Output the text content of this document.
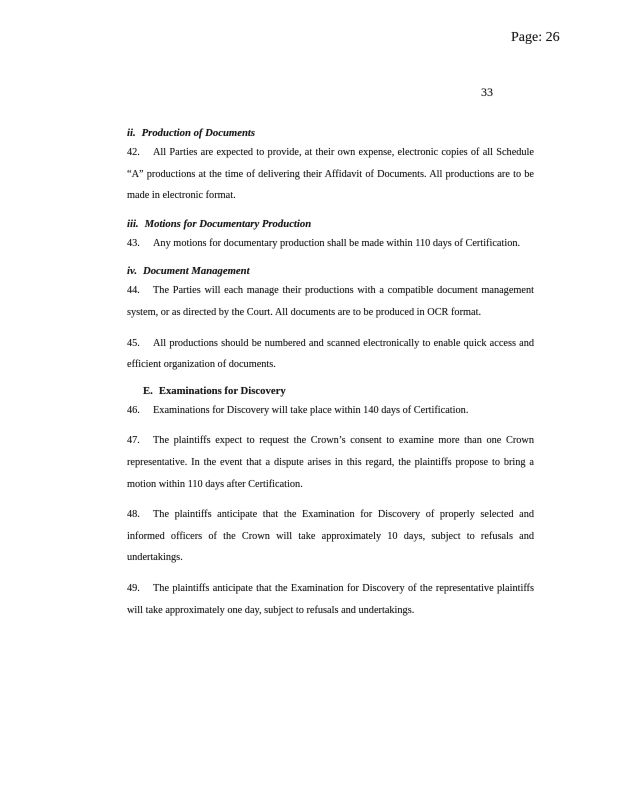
Page: 26
33
ii. Production of Documents
42. All Parties are expected to provide, at their own expense, electronic copies of all Schedule
“A” productions at the time of delivering their Affidavit of Documents. All productions are to be
made in electronic format.
iii. Motions for Documentary Production
43. Any motions for documentary production shall be made within 110 days of Certification.
iv. Document Management
44. The Parties will each manage their productions with a compatible document management
system, or as directed by the Court. All documents are to be produced in OCR format.
45. All productions should be numbered and scanned electronically to enable quick access and
efficient organization of documents.
E. Examinations for Discovery
46. Examinations for Discovery will take place within 140 days of Certification.
47. The plaintiffs expect to request the Crown’s consent to examine more than one Crown
representative. In the event that a dispute arises in this regard, the plaintiffs propose to bring a
motion within 110 days after Certification.
48. The plaintiffs anticipate that the Examination for Discovery of properly selected and
informed officers of the Crown will take approximately 10 days, subject to refusals and
undertakings.
49. The plaintiffs anticipate that the Examination for Discovery of the representative plaintiffs
will take approximately one day, subject to refusals and undertakings.
